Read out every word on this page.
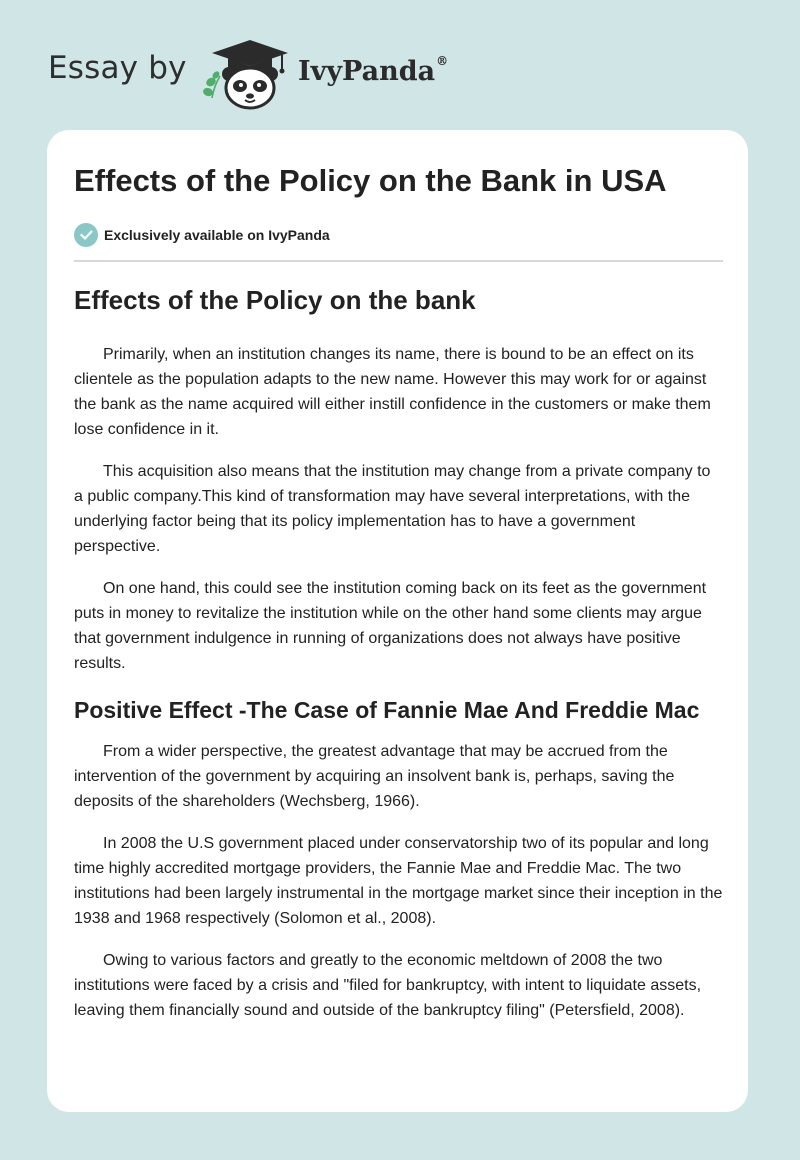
Essay by	IvyPanda®
Effects of the Policy on the Bank in USA
Exclusively available on IvyPanda
Effects of the Policy on the bank

Primarily, when an institution changes its name, there is bound to be an effect on its clientele as the population adapts to the new name. However this may work for or against the bank as the name acquired will either instill confidence in the customers or make them lose confidence in it.

This acquisition also means that the institution may change from a private company to a public company.This kind of transformation may have several interpretations, with the underlying factor being that its policy implementation has to have a government perspective.

On one hand, this could see the institution coming back on its feet as the government puts in money to revitalize the institution while on the other hand some clients may argue that government indulgence in running of organizations does not always have positive results.

Positive Effect -The Case of Fannie Mae And Freddie Mac

From a wider perspective, the greatest advantage that may be accrued from the intervention of the government by acquiring an insolvent bank is, perhaps, saving the deposits of the shareholders (Wechsberg, 1966).

In 2008 the U.S government placed under conservatorship two of its popular and long time highly accredited mortgage providers, the Fannie Mae and Freddie Mac. The two institutions had been largely instrumental in the mortgage market since their inception in the 1938 and 1968 respectively (Solomon et al., 2008).

Owing to various factors and greatly to the economic meltdown of 2008 the two institutions were faced by a crisis and "filed for bankruptcy, with intent to liquidate assets, leaving them financially sound and outside of the bankruptcy filing" (Petersfield, 2008).
